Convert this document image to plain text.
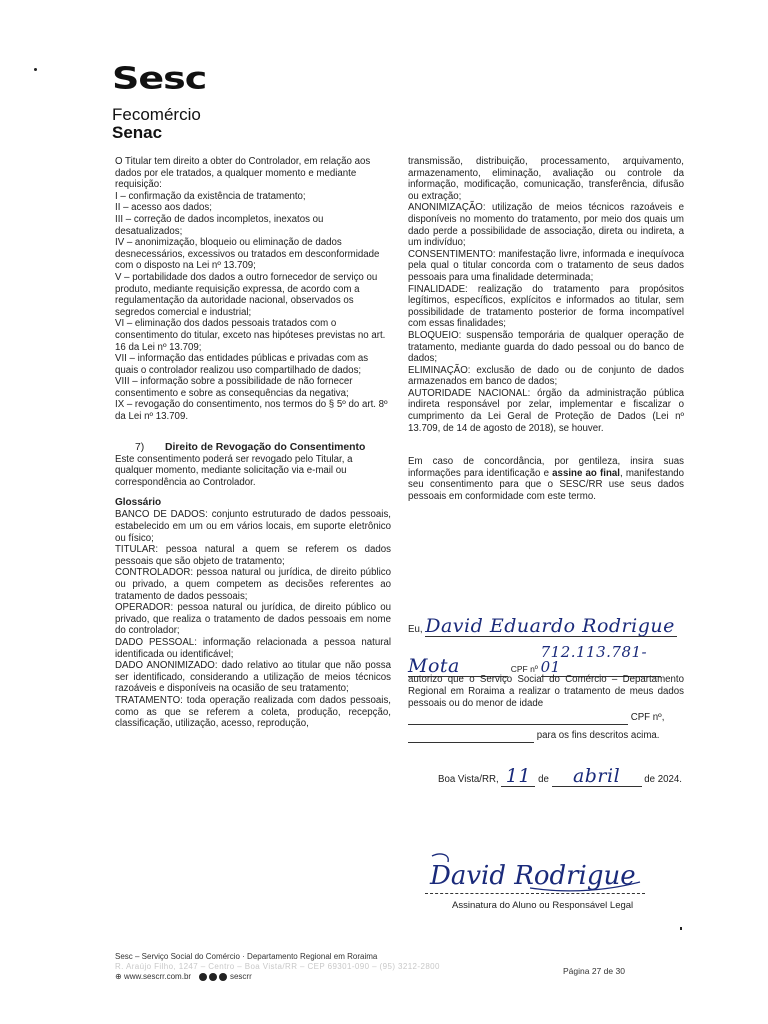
Sesc
Fecomércio
Senac

O Titular tem direito a obter do Controlador, em relação aos dados por ele tratados, a qualquer momento e mediante requisição:

I – confirmação da existência de tratamento;

II – acesso aos dados;

III – correção de dados incompletos, inexatos ou desatualizados;

IV – anonimização, bloqueio ou eliminação de dados desnecessários, excessivos ou tratados em desconformidade com o disposto na Lei nº 13.709;

V – portabilidade dos dados a outro fornecedor de serviço ou produto, mediante requisição expressa, de acordo com a regulamentação da autoridade nacional, observados os segredos comercial e industrial;

VI – eliminação dos dados pessoais tratados com o consentimento do titular, exceto nas hipóteses previstas no art. 16 da Lei nº 13.709;

VII – informação das entidades públicas e privadas com as quais o controlador realizou uso compartilhado de dados;

VIII – informação sobre a possibilidade de não fornecer consentimento e sobre as consequências da negativa;

IX – revogação do consentimento, nos termos do § 5º do art. 8º da Lei nº 13.709.

7) Direito de Revogação do Consentimento

Este consentimento poderá ser revogado pelo Titular, a qualquer momento, mediante solicitação via e-mail ou correspondência ao Controlador.

Glossário

BANCO DE DADOS: conjunto estruturado de dados pessoais, estabelecido em um ou em vários locais, em suporte eletrônico ou físico;

TITULAR: pessoa natural a quem se referem os dados pessoais que são objeto de tratamento;

CONTROLADOR: pessoa natural ou jurídica, de direito público ou privado, a quem competem as decisões referentes ao tratamento de dados pessoais;

OPERADOR: pessoa natural ou jurídica, de direito público ou privado, que realiza o tratamento de dados pessoais em nome do controlador;

DADO PESSOAL: informação relacionada a pessoa natural identificada ou identificável;

DADO ANONIMIZADO: dado relativo ao titular que não possa ser identificado, considerando a utilização de meios técnicos razoáveis e disponíveis na ocasião de seu tratamento;

TRATAMENTO: toda operação realizada com dados pessoais, como as que se referem a coleta, produção, recepção, classificação, utilização, acesso, reprodução,

transmissão, distribuição, processamento, arquivamento, armazenamento, eliminação, avaliação ou controle da informação, modificação, comunicação, transferência, difusão ou extração;

ANONIMIZAÇÃO: utilização de meios técnicos razoáveis e disponíveis no momento do tratamento, por meio dos quais um dado perde a possibilidade de associação, direta ou indireta, a um indivíduo;

CONSENTIMENTO: manifestação livre, informada e inequívoca pela qual o titular concorda com o tratamento de seus dados pessoais para uma finalidade determinada;

FINALIDADE: realização do tratamento para propósitos legítimos, específicos, explícitos e informados ao titular, sem possibilidade de tratamento posterior de forma incompatível com essas finalidades;

BLOQUEIO: suspensão temporária de qualquer operação de tratamento, mediante guarda do dado pessoal ou do banco de dados;

ELIMINAÇÃO: exclusão de dado ou de conjunto de dados armazenados em banco de dados;

AUTORIDADE NACIONAL: órgão da administração pública indireta responsável por zelar, implementar e fiscalizar o cumprimento da Lei Geral de Proteção de Dados (Lei nº 13.709, de 14 de agosto de 2018), se houver.

Em caso de concordância, por gentileza, insira suas informações para identificação e assine ao final, manifestando seu consentimento para que o SESC/RR use seus dados pessoais em conformidade com este termo.

Eu, David Eduardo Rodrigue
Mota	CPF nº 712.113.781-01
autorizo que o Serviço Social do Comércio – Departamento Regional em Roraima a realizar o tratamento de meus dados pessoais ou do menor de idade
CPF nº,
para os fins descritos acima.
Boa Vista/RR, 11 de abril de 2024.
David Rodrigue
Assinatura do Aluno ou Responsável Legal
Sesc – Serviço Social do Comércio · Departamento Regional em Roraima
R. Araújo Filho, 1247 – Centro – Boa Vista/RR – CEP 69301-090 – (95) 3212-2800
⊕ www.sescrr.com.br	sescrr
Página 27 de 30
